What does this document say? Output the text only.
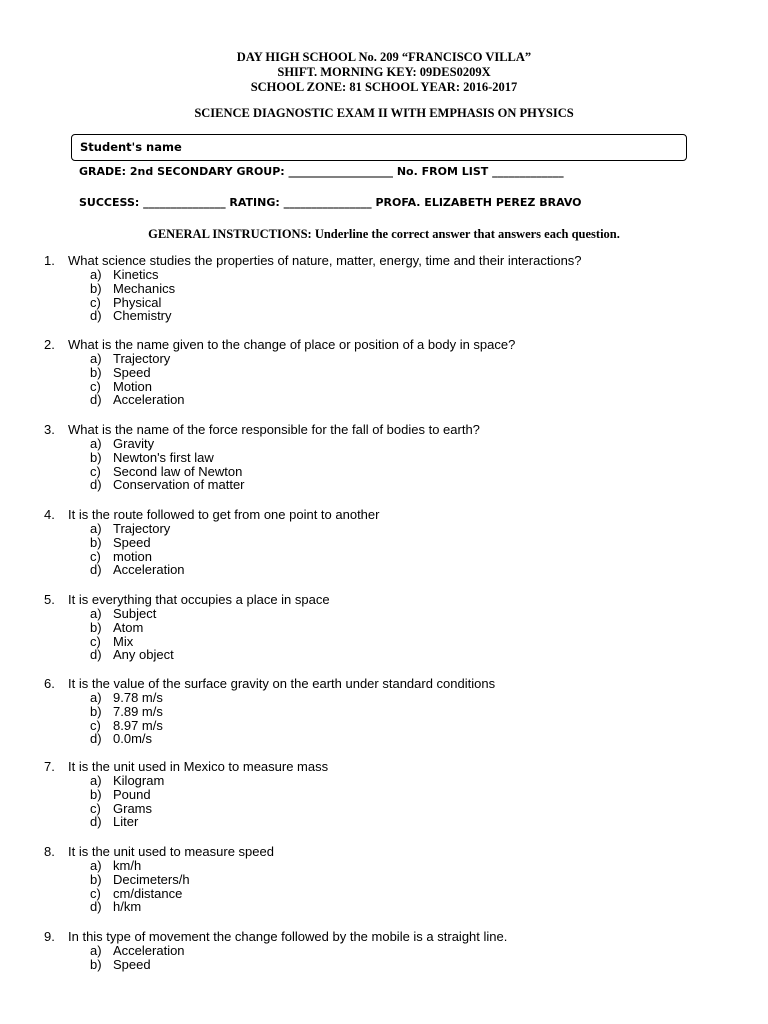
DAY HIGH SCHOOL No. 209 “FRANCISCO VILLA”
SHIFT. MORNING KEY: 09DES0209X
SCHOOL ZONE: 81 SCHOOL YEAR: 2016-2017
SCIENCE DIAGNOSTIC EXAM II WITH EMPHASIS ON PHYSICS
Student's name
GRADE: 2nd SECONDARY GROUP: ___________________ No. FROM LIST _____________
SUCCESS: _______________ RATING: ________________ PROFA. ELIZABETH PEREZ BRAVO
GENERAL INSTRUCTIONS: Underline the correct answer that answers each question.
1. What science studies the properties of nature, matter, energy, time and their interactions?
a) Kinetics
b) Mechanics
c) Physical
d) Chemistry
2. What is the name given to the change of place or position of a body in space?
a) Trajectory
b) Speed
c) Motion
d) Acceleration
3. What is the name of the force responsible for the fall of bodies to earth?
a) Gravity
b) Newton's first law
c) Second law of Newton
d) Conservation of matter
4. It is the route followed to get from one point to another
a) Trajectory
b) Speed
c) motion
d) Acceleration
5. It is everything that occupies a place in space
a) Subject
b) Atom
c) Mix
d) Any object
6. It is the value of the surface gravity on the earth under standard conditions
a) 9.78 m/s
b) 7.89 m/s
c) 8.97 m/s
d) 0.0m/s
7. It is the unit used in Mexico to measure mass
a) Kilogram
b) Pound
c) Grams
d) Liter
8. It is the unit used to measure speed
a) km/h
b) Decimeters/h
c) cm/distance
d) h/km
9. In this type of movement the change followed by the mobile is a straight line.
a) Acceleration
b) Speed
